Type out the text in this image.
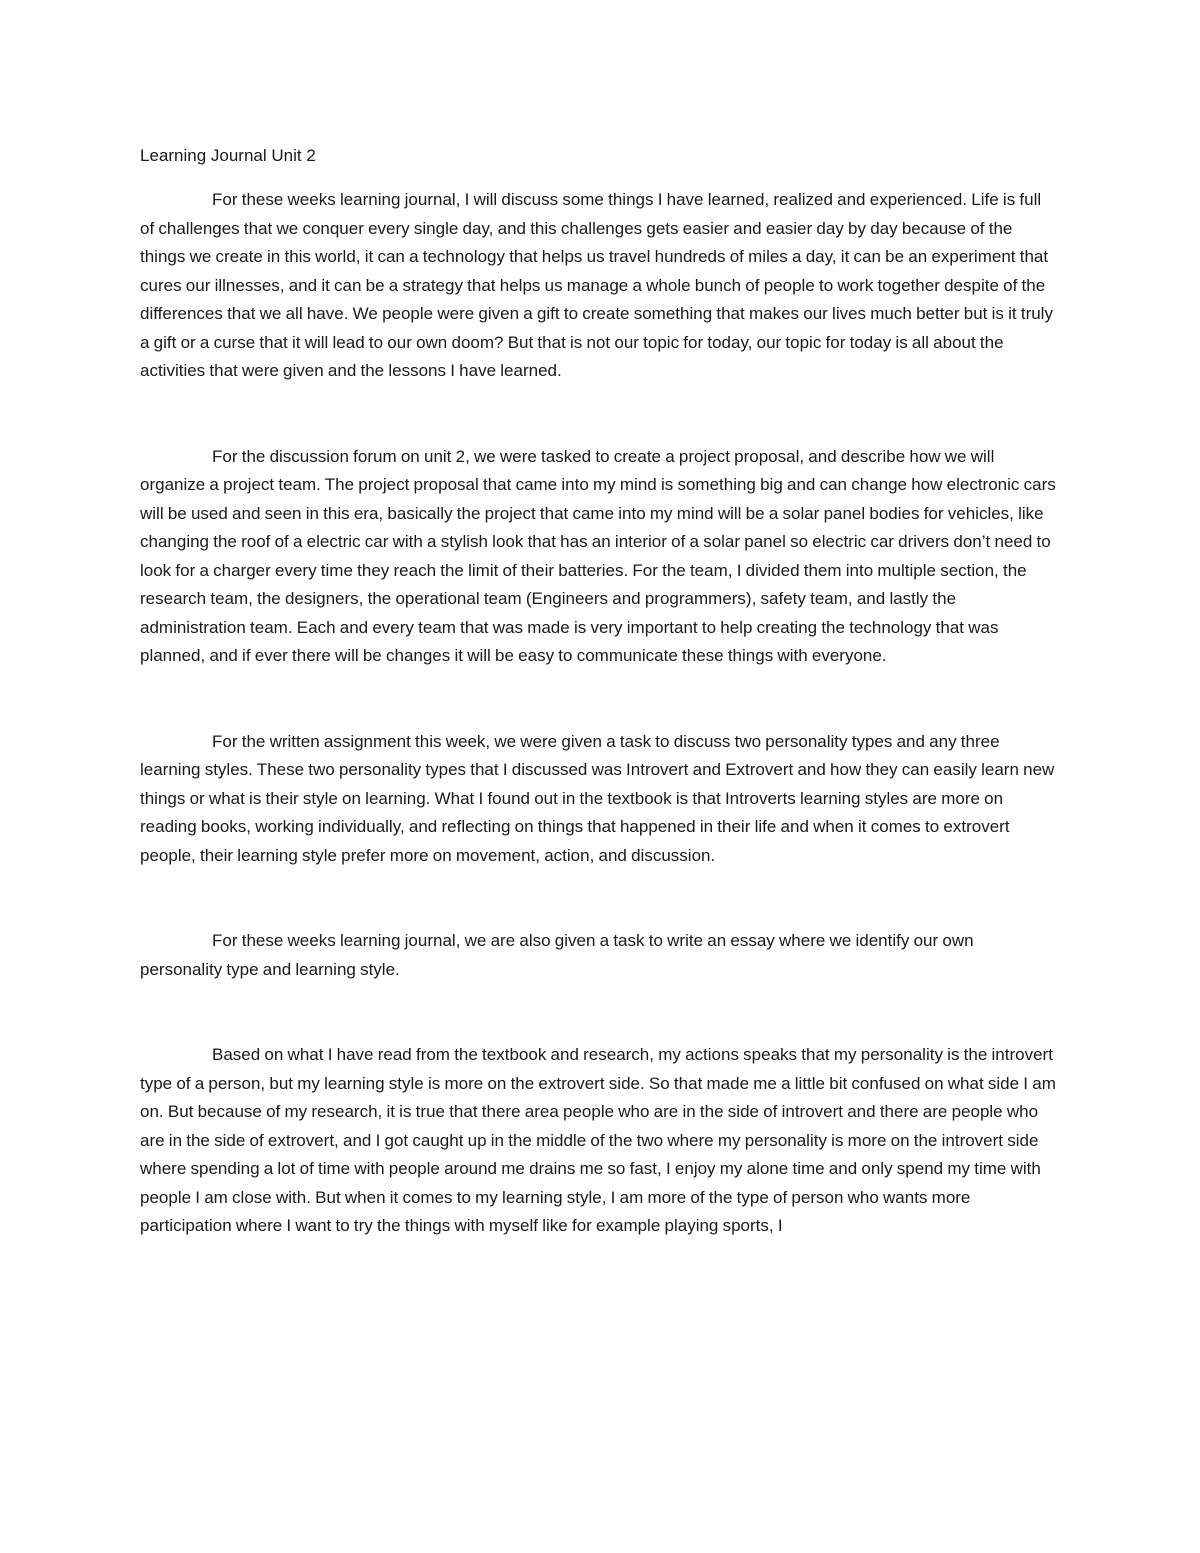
Learning Journal Unit 2

For these weeks learning journal, I will discuss some things I have learned, realized and experienced. Life is full of challenges that we conquer every single day, and this challenges gets easier and easier day by day because of the things we create in this world, it can a technology that helps us travel hundreds of miles a day, it can be an experiment that cures our illnesses, and it can be a strategy that helps us manage a whole bunch of people to work together despite of the differences that we all have. We people were given a gift to create something that makes our lives much better but is it truly a gift or a curse that it will lead to our own doom? But that is not our topic for today, our topic for today is all about the activities that were given and the lessons I have learned.

For the discussion forum on unit 2, we were tasked to create a project proposal, and describe how we will organize a project team. The project proposal that came into my mind is something big and can change how electronic cars will be used and seen in this era, basically the project that came into my mind will be a solar panel bodies for vehicles, like changing the roof of a electric car with a stylish look that has an interior of a solar panel so electric car drivers don’t need to look for a charger every time they reach the limit of their batteries. For the team, I divided them into multiple section, the research team, the designers, the operational team (Engineers and programmers), safety team, and lastly the administration team. Each and every team that was made is very important to help creating the technology that was planned, and if ever there will be changes it will be easy to communicate these things with everyone.

For the written assignment this week, we were given a task to discuss two personality types and any three learning styles. These two personality types that I discussed was Introvert and Extrovert and how they can easily learn new things or what is their style on learning. What I found out in the textbook is that Introverts learning styles are more on reading books, working individually, and reflecting on things that happened in their life and when it comes to extrovert people, their learning style prefer more on movement, action, and discussion.

For these weeks learning journal, we are also given a task to write an essay where we identify our own personality type and learning style.

Based on what I have read from the textbook and research, my actions speaks that my personality is the introvert type of a person, but my learning style is more on the extrovert side. So that made me a little bit confused on what side I am on. But because of my research, it is true that there area people who are in the side of introvert and there are people who are in the side of extrovert, and I got caught up in the middle of the two where my personality is more on the introvert side where spending a lot of time with people around me drains me so fast, I enjoy my alone time and only spend my time with people I am close with. But when it comes to my learning style, I am more of the type of person who wants more participation where I want to try the things with myself like for example playing sports, I
